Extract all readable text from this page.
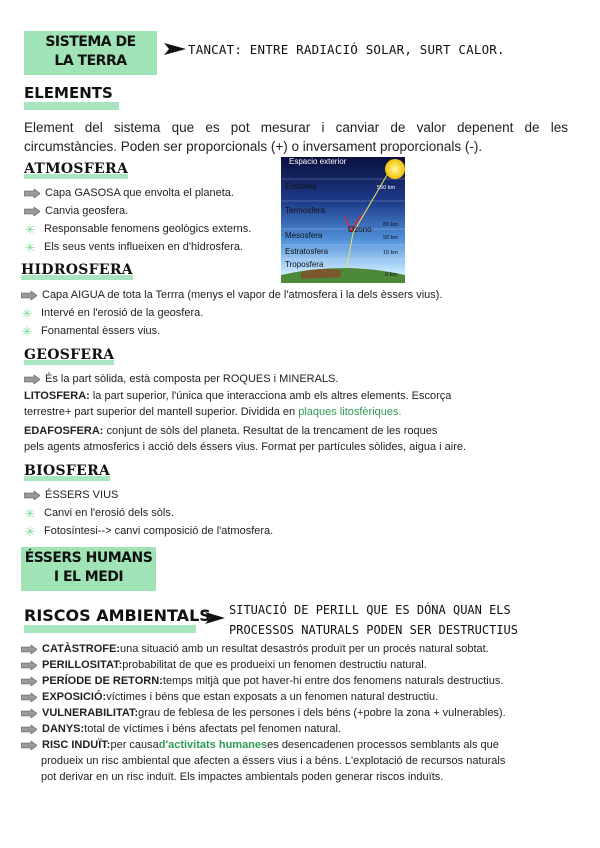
SISTEMA DE
LA TERRA
TANCAT: ENTRE RADIACIÓ SOLAR, SURT CALOR.
ELEMENTS
Element del sistema que es pot mesurar i canviar de valor depenent de les circumstàncies. Poden ser proporcionals (+) o inversament proporcionals (-).
ATMOSFERA
Capa GASOSA que envolta el planeta.
Canvia geosfera.
✳ Responsable fenomens geològics externs.
✳ Els seus vents influeixen en d'hidrosfera.
Espacio exterior
Exosfera
Termosfera
Mesosfera
Ozono
Estratosfera
Troposfera
550 km
80 km
50 km
10 km
0 km
HIDROSFERA
Capa AIGUA de tota la Terrra (menys el vapor de l'atmosfera i la dels èssers vius).
✳ Intervé en l'erosió de la geosfera.
✳ Fonamental èssers vius.
GEOSFERA
És la part sòlida, està composta per ROQUES i MINERALS.
LITOSFERA: la part superior, l'única que interacciona amb els altres elements. Escorça
terrestre+ part superior del mantell superior. Dividida en plaques litosfèriques.
EDAFOSFERA: conjunt de sòls del planeta. Resultat de la trencament de les roques
pels agents atmosferics i acció dels éssers vius. Format per partícules sòlides, aigua i aire.
BIOSFERA
ÉSSERS VIUS
✳ Canvi en l'erosió dels sòls.
✳ Fotosíntesi--> canvi composició de l'atmosfera.
ÉSSERS HUMANS
I EL MEDI
RISCOS AMBIENTALS SITUACIÓ DE PERILL QUE ES DÓNA QUAN ELS
PROCESSOS NATURALS PODEN SER DESTRUCTIUS
CATÀSTROFE: una situació amb un resultat desastrós produït per un procés natural sobtat.
PERILLOSITAT: probabilitat de que es produeixi un fenomen destructiu natural.
PERÍODE DE RETORN: temps mitjà que pot haver-hi entre dos fenomens naturals destructius.
EXPOSICIÓ: víctimes i béns que estan exposats a un fenomen natural destructiu.
VULNERABILITAT: grau de feblesa de les persones i dels béns (+pobre la zona + vulnerables).
DANYS: total de víctimes i béns afectats pel fenomen natural.
RISC INDUÏT: per causa d'activitats humanes es desencadenen processos semblants als que
produeix un risc ambiental que afecten a éssers vius i a béns. L'explotació de recursos naturals
pot derivar en un risc induït. Els impactes ambientals poden generar riscos induïts.
